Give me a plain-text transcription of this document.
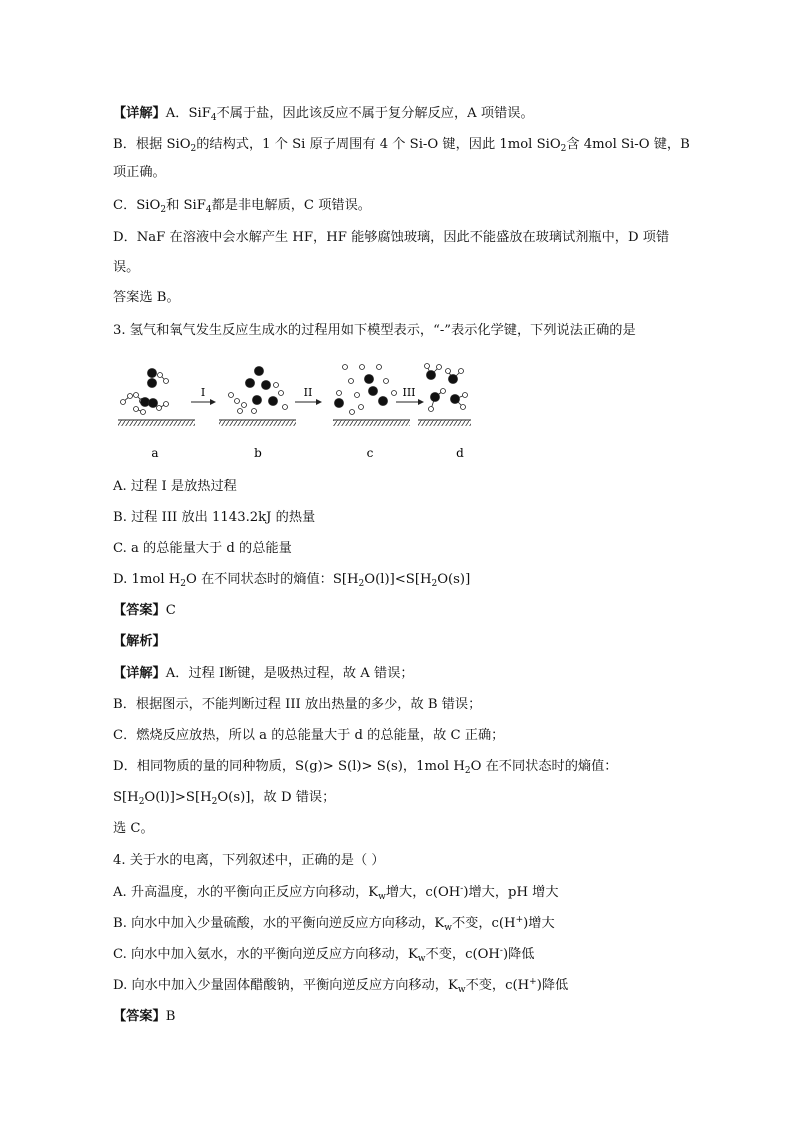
【详解】A．SiF$_4$不属于盐，因此该反应不属于复分解反应，A 项错误。
B．根据 SiO$_2$的结构式，1 个 Si 原子周围有 4 个 Si-O 键，因此 1mol SiO$_2$含 4mol Si-O 键，B
项正确。
C．SiO$_2$和 SiF$_4$都是非电解质，C 项错误。
D．NaF 在溶液中会水解产生 HF，HF 能够腐蚀玻璃，因此不能盛放在玻璃试剂瓶中，D 项错
误。
答案选 B。
3. 氢气和氧气发生反应生成水的过程用如下模型表示，“-”表示化学键，下列说法正确的是
I	II	III
a	b	c	d
A. 过程 I 是放热过程
B. 过程 III 放出 1143.2kJ 的热量
C. a 的总能量大于 d 的总能量
D. 1mol $H_2O$ 在不同状态时的熵值：$S[H_2O(l)]<S[H_2O(s)]$
【答案】C
【解析】
【详解】A．过程 I断键，是吸热过程，故 A 错误；
B．根据图示，不能判断过程 III 放出热量的多少，故 B 错误；
C．燃烧反应放热，所以 a 的总能量大于 d 的总能量，故 C 正确；
D．相同物质的量的同种物质，S(g)> S(l)> S(s)，1mol $H_2O$ 在不同状态时的熵值：
$S[H_2O(l)]>S[H_2O(s)]$，故 D 错误；
选 C。
4. 关于水的电离，下列叙述中，正确的是（ ）
A. 升高温度，水的平衡向正反应方向移动，$K_w$增大，c(OH-)增大，pH 增大
B. 向水中加入少量硫酸，水的平衡向逆反应方向移动，$K_w$不变，c(H+)增大
C. 向水中加入氨水，水的平衡向逆反应方向移动，$K_w$不变，c(OH-)降低
D. 向水中加入少量固体醋酸钠，平衡向逆反应方向移动，$K_w$不变，c(H+)降低
【答案】B
